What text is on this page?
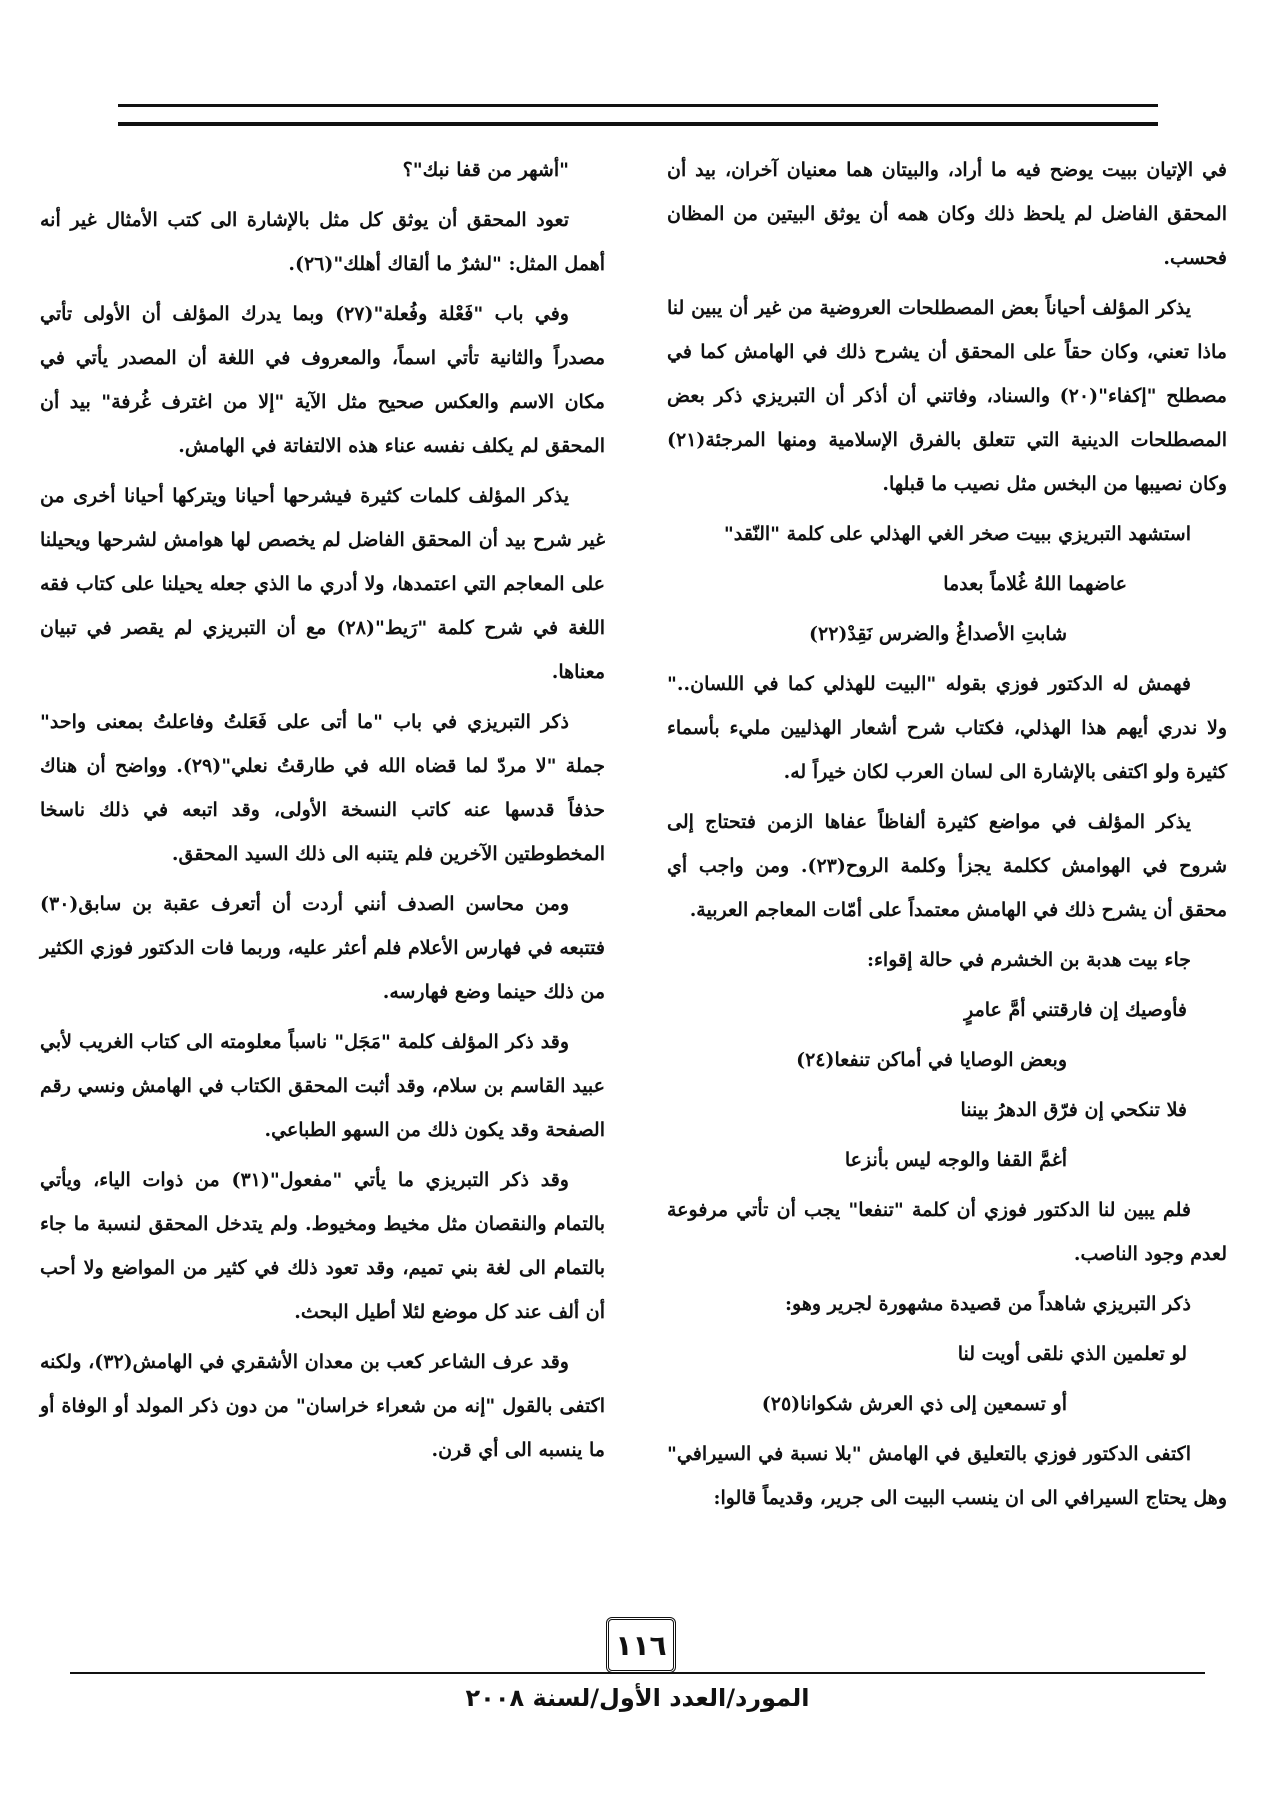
في الإتيان ببيت يوضح فيه ما أراد، والبيتان هما معنيان آخران، بيد أن المحقق الفاضل لم يلحظ ذلك وكان همه أن يوثق البيتين من المظان فحسب.

يذكر المؤلف أحياناً بعض المصطلحات العروضية من غير أن يبين لنا ماذا تعني، وكان حقاً على المحقق أن يشرح ذلك في الهامش كما في مصطلح "إكفاء"(٢٠) والسناد، وفاتني أن أذكر أن التبريزي ذكر بعض المصطلحات الدينية التي تتعلق بالفرق الإسلامية ومنها المرجئة(٢١) وكان نصيبها من البخس مثل نصيب ما قبلها.

استشهد التبريزي ببيت صخر الغي الهذلي على كلمة "النّقد"

عاضهما اللهُ غُلاماً بعدما

شابتِ الأصداغُ والضرس نَقِدْ(٢٢)

فهمش له الدكتور فوزي بقوله "البيت للهذلي كما في اللسان.." ولا ندري أيهم هذا الهذلي، فكتاب شرح أشعار الهذليين مليء بأسماء كثيرة ولو اكتفى بالإشارة الى لسان العرب لكان خيراً له.

يذكر المؤلف في مواضع كثيرة ألفاظاً عفاها الزمن فتحتاج إلى شروح في الهوامش ككلمة يجزأ وكلمة الروح(٢٣). ومن واجب أي محقق أن يشرح ذلك في الهامش معتمداً على أمّات المعاجم العربية.

جاء بيت هدبة بن الخشرم في حالة إقواء:

فأوصيك إن فارقتني أمَّ عامرٍ

وبعض الوصايا في أماكن تنفعا(٢٤)

فلا تنكحي إن فرّق الدهرُ بيننا

أغمَّ القفا والوجه ليس بأنزعا

فلم يبين لنا الدكتور فوزي أن كلمة "تنفعا" يجب أن تأتي مرفوعة لعدم وجود الناصب.

ذكر التبريزي شاهداً من قصيدة مشهورة لجرير وهو:

لو تعلمين الذي نلقى أويت لنا

أو تسمعين إلى ذي العرش شكوانا(٢٥)

اكتفى الدكتور فوزي بالتعليق في الهامش "بلا نسبة في السيرافي" وهل يحتاج السيرافي الى ان ينسب البيت الى جرير، وقديماً قالوا:

"أشهر من قفا نبك"؟

تعود المحقق أن يوثق كل مثل بالإشارة الى كتب الأمثال غير أنه أهمل المثل: "لشرٌ ما ألقاك أهلك"(٢٦).

وفي باب "فَعْلة وفُعلة"(٢٧) وبما يدرك المؤلف أن الأولى تأتي مصدراً والثانية تأتي اسماً، والمعروف في اللغة أن المصدر يأتي في مكان الاسم والعكس صحيح مثل الآية "إلا من اغترف غُرفة" بيد أن المحقق لم يكلف نفسه عناء هذه الالتفاتة في الهامش.

يذكر المؤلف كلمات كثيرة فيشرحها أحيانا ويتركها أحيانا أخرى من غير شرح بيد أن المحقق الفاضل لم يخصص لها هوامش لشرحها ويحيلنا على المعاجم التي اعتمدها، ولا أدري ما الذي جعله يحيلنا على كتاب فقه اللغة في شرح كلمة "رَيط"(٢٨) مع أن التبريزي لم يقصر في تبيان معناها.

ذكر التبريزي في باب "ما أتى على فَعَلتُ وفاعلتُ بمعنى واحد" جملة "لا مردّ لما قضاه الله في طارقتُ نعلي"(٢٩). وواضح أن هناك حذفاً قدسها عنه كاتب النسخة الأولى، وقد اتبعه في ذلك ناسخا المخطوطتين الآخرين فلم يتنبه الى ذلك السيد المحقق.

ومن محاسن الصدف أنني أردت أن أتعرف عقبة بن سابق(٣٠) فتتبعه في فهارس الأعلام فلم أعثر عليه، وربما فات الدكتور فوزي الكثير من ذلك حينما وضع فهارسه.

وقد ذكر المؤلف كلمة "مَجَل" ناسباً معلومته الى كتاب الغريب لأبي عبيد القاسم بن سلام، وقد أثبت المحقق الكتاب في الهامش ونسي رقم الصفحة وقد يكون ذلك من السهو الطباعي.

وقد ذكر التبريزي ما يأتي "مفعول"(٣١) من ذوات الياء، ويأتي بالتمام والنقصان مثل مخيط ومخيوط. ولم يتدخل المحقق لنسبة ما جاء بالتمام الى لغة بني تميم، وقد تعود ذلك في كثير من المواضع ولا أحب أن ألف عند كل موضع لئلا أطيل البحث.

وقد عرف الشاعر كعب بن معدان الأشقري في الهامش(٣٢)، ولكنه اكتفى بالقول "إنه من شعراء خراسان" من دون ذكر المولد أو الوفاة أو ما ينسبه الى أي قرن.

١١٦
المورد/العدد الأول/لسنة ٢٠٠٨
